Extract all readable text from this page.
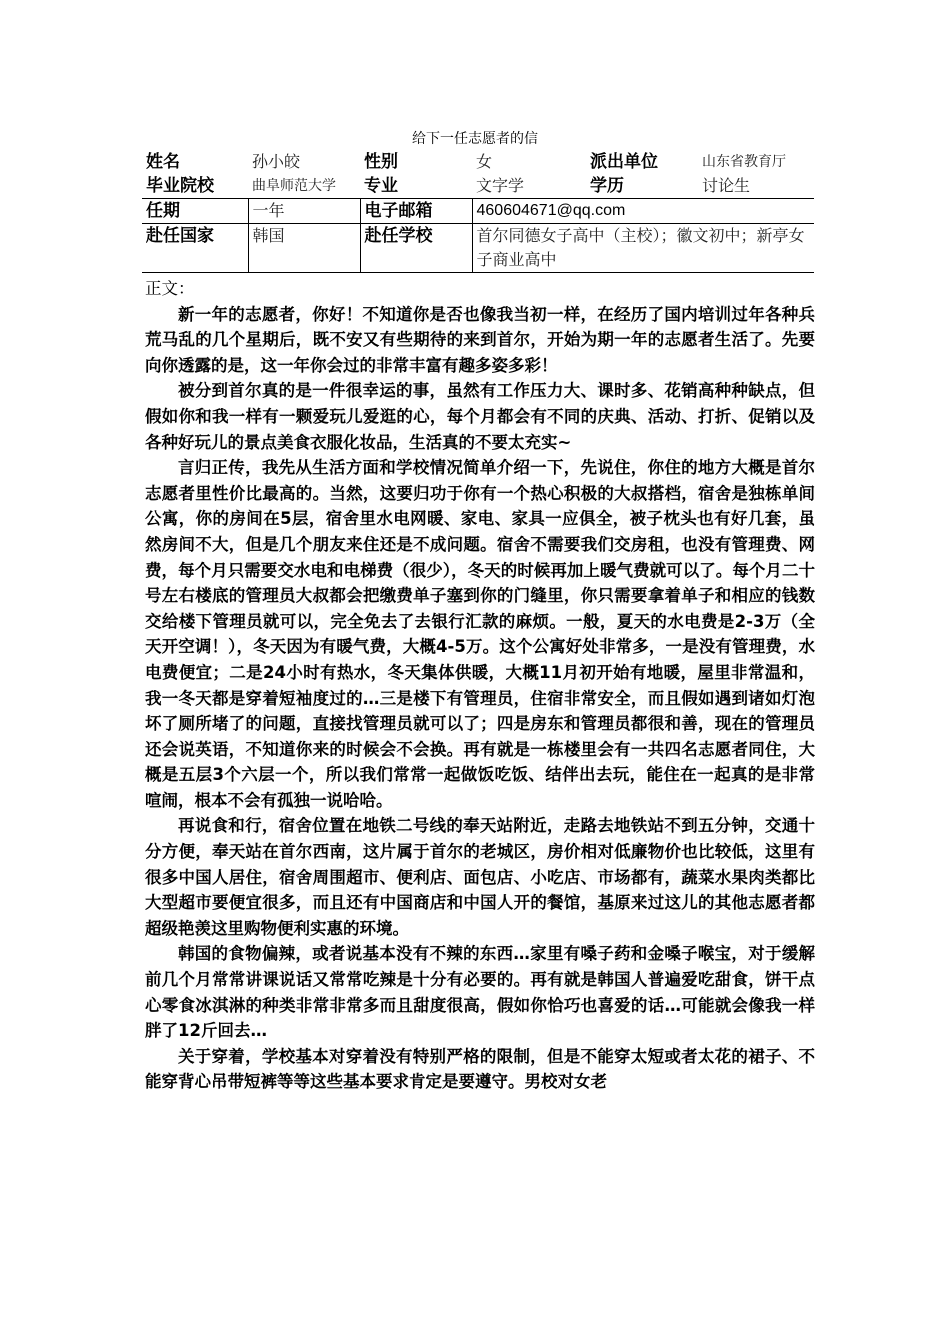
给下一任志愿者的信
姓名	孙小皎	性别	女	派出单位	山东省教育厅
毕业院校	曲阜师范大学	专业	文字学	学历	讨论生
任期	一年	电子邮箱	460604671@qq.com		
赴任国家	韩国	赴任学校	首尔同德女子高中（主校）；徽文初中；新亭女子商业高中		

正文：

新一年的志愿者，你好！不知道你是否也像我当初一样，在经历了国内培训过年各种兵荒马乱的几个星期后，既不安又有些期待的来到首尔，开始为期一年的志愿者生活了。先要向你透露的是，这一年你会过的非常丰富有趣多姿多彩！

被分到首尔真的是一件很幸运的事，虽然有工作压力大、课时多、花销高种种缺点，但假如你和我一样有一颗爱玩儿爱逛的心，每个月都会有不同的庆典、活动、打折、促销以及各种好玩儿的景点美食衣服化妆品，生活真的不要太充实~

言归正传，我先从生活方面和学校情况简单介绍一下，先说住，你住的地方大概是首尔志愿者里性价比最高的。当然，这要归功于你有一个热心积极的大叔搭档，宿舍是独栋单间公寓，你的房间在5层，宿舍里水电网暖、家电、家具一应俱全，被子枕头也有好几套，虽然房间不大，但是几个朋友来住还是不成问题。宿舍不需要我们交房租，也没有管理费、网费，每个月只需要交水电和电梯费（很少），冬天的时候再加上暖气费就可以了。每个月二十号左右楼底的管理员大叔都会把缴费单子塞到你的门缝里，你只需要拿着单子和相应的钱数交给楼下管理员就可以，完全免去了去银行汇款的麻烦。一般，夏天的水电费是2-3万（全天开空调！），冬天因为有暖气费，大概4-5万。这个公寓好处非常多，一是没有管理费，水电费便宜；二是24小时有热水，冬天集体供暖，大概11月初开始有地暖，屋里非常温和，我一冬天都是穿着短袖度过的…三是楼下有管理员，住宿非常安全，而且假如遇到诸如灯泡坏了厕所堵了的问题，直接找管理员就可以了；四是房东和管理员都很和善，现在的管理员还会说英语，不知道你来的时候会不会换。再有就是一栋楼里会有一共四名志愿者同住，大概是五层3个六层一个，所以我们常常一起做饭吃饭、结伴出去玩，能住在一起真的是非常喧闹，根本不会有孤独一说哈哈。

再说食和行，宿舍位置在地铁二号线的奉天站附近，走路去地铁站不到五分钟，交通十分方便，奉天站在首尔西南，这片属于首尔的老城区，房价相对低廉物价也比较低，这里有很多中国人居住，宿舍周围超市、便利店、面包店、小吃店、市场都有，蔬菜水果肉类都比大型超市要便宜很多，而且还有中国商店和中国人开的餐馆，基原来过这儿的其他志愿者都超级艳羡这里购物便利实惠的环境。

韩国的食物偏辣，或者说基本没有不辣的东西…家里有嗓子药和金嗓子喉宝，对于缓解前几个月常常讲课说话又常常吃辣是十分有必要的。再有就是韩国人普遍爱吃甜食，饼干点心零食冰淇淋的种类非常非常多而且甜度很高，假如你恰巧也喜爱的话…可能就会像我一样胖了12斤回去…

关于穿着，学校基本对穿着没有特别严格的限制，但是不能穿太短或者太花的裙子、不能穿背心吊带短裤等等这些基本要求肯定是要遵守。男校对女老
